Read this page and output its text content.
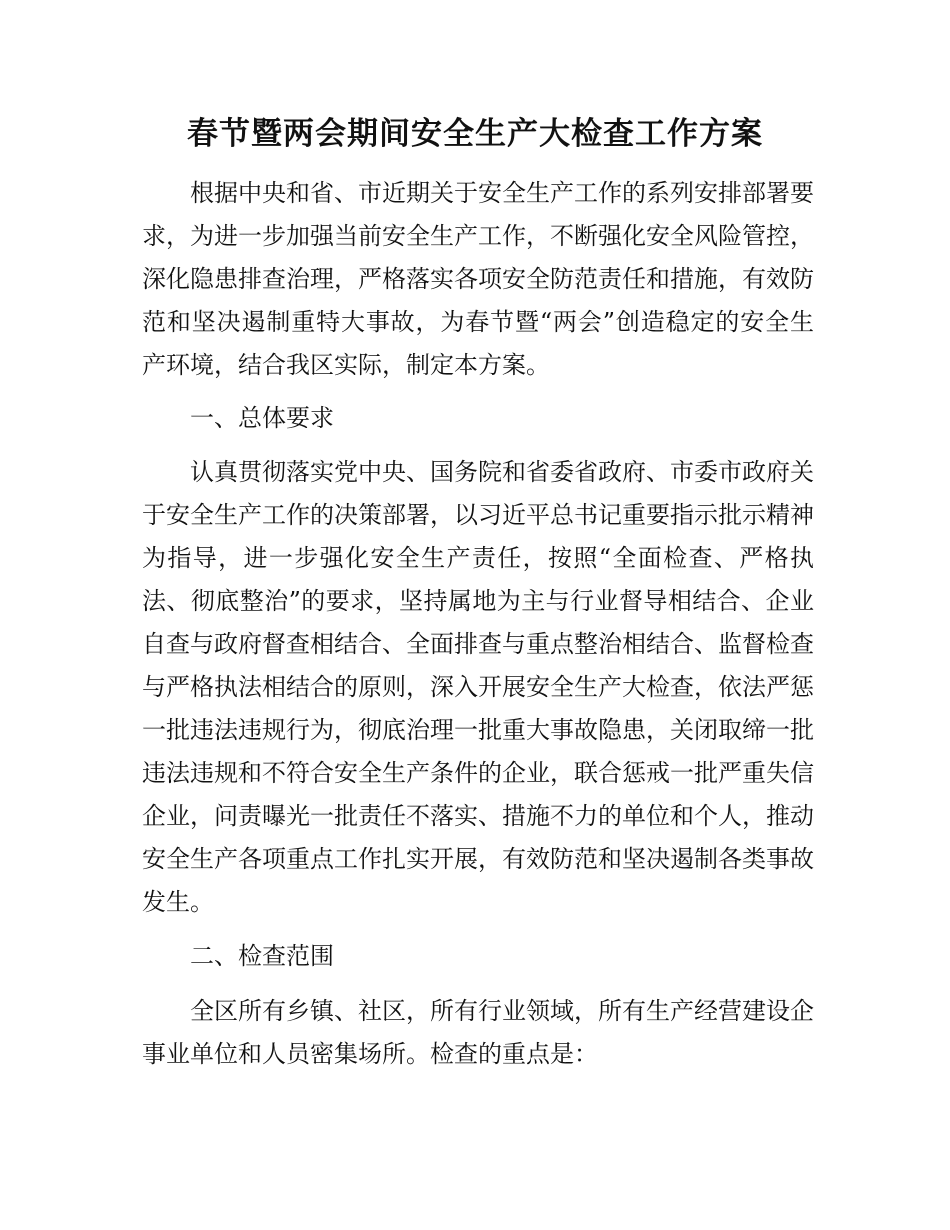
春节暨两会期间安全生产大检查工作方案

根据中央和省、市近期关于安全生产工作的系列安排部署要求，为进一步加强当前安全生产工作，不断强化安全风险管控，深化隐患排查治理，严格落实各项安全防范责任和措施，有效防范和坚决遏制重特大事故，为春节暨“两会”创造稳定的安全生产环境，结合我区实际，制定本方案。

一、总体要求

认真贯彻落实党中央、国务院和省委省政府、市委市政府关于安全生产工作的决策部署，以习近平总书记重要指示批示精神为指导，进一步强化安全生产责任，按照“全面检查、严格执法、彻底整治”的要求，坚持属地为主与行业督导相结合、企业自查与政府督查相结合、全面排查与重点整治相结合、监督检查与严格执法相结合的原则，深入开展安全生产大检查，依法严惩一批违法违规行为，彻底治理一批重大事故隐患，关闭取缔一批违法违规和不符合安全生产条件的企业，联合惩戒一批严重失信企业，问责曝光一批责任不落实、措施不力的单位和个人，推动安全生产各项重点工作扎实开展，有效防范和坚决遏制各类事故发生。

二、检查范围

全区所有乡镇、社区，所有行业领域，所有生产经营建设企事业单位和人员密集场所。检查的重点是：
